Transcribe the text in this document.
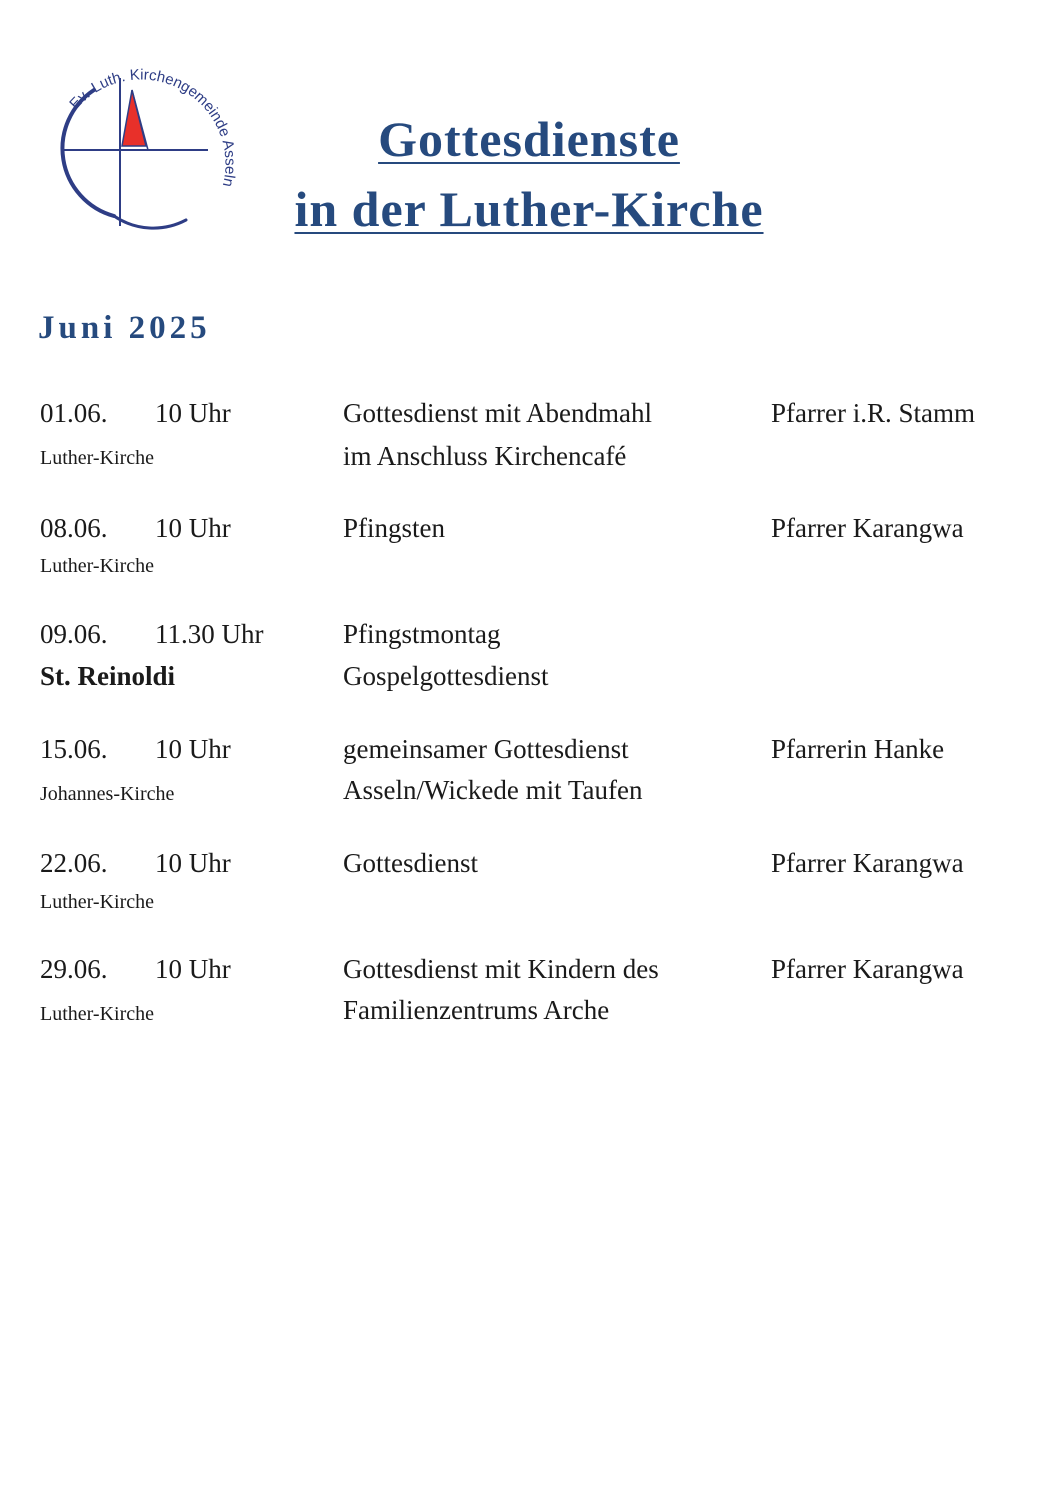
Ev.-Luth. Kirchengemeinde Asseln
Gottesdienste
in der Luther-Kirche
Juni 2025
01.06. 10 Uhr	Gottesdienst mit Abendmahl	Pfarrer i.R. Stamm
Luther-Kirche	im Anschluss Kirchencafé
08.06. 10 Uhr	Pfingsten	Pfarrer Karangwa
Luther-Kirche
09.06. 11.30 Uhr	Pfingstmontag
St. Reinoldi	Gospelgottesdienst
15.06. 10 Uhr	gemeinsamer Gottesdienst	Pfarrerin Hanke
Johannes-Kirche	Asseln/Wickede mit Taufen
22.06. 10 Uhr	Gottesdienst	Pfarrer Karangwa
Luther-Kirche
29.06. 10 Uhr	Gottesdienst mit Kindern des	Pfarrer Karangwa
Luther-Kirche	Familienzentrums Arche
